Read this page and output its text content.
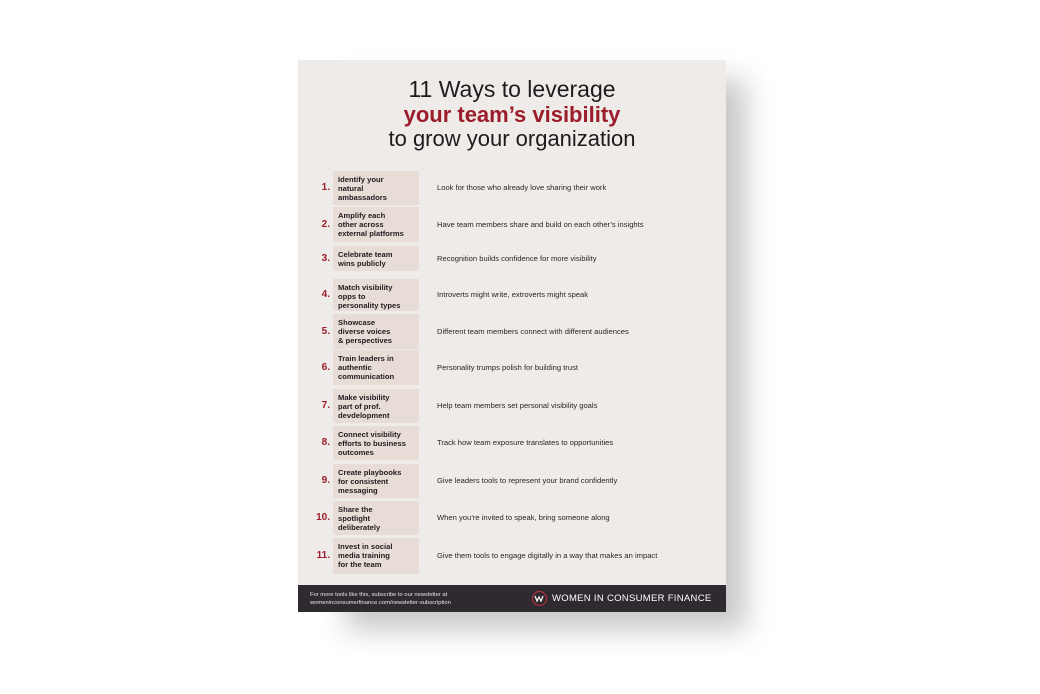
11 Ways to leverage
your team’s visibility
to grow your organization
1.
Identify your
natural
ambassadors
Look for those who already love sharing their work
2.
Amplify each
other across
external platforms
Have team members share and build on each other’s insights
3.	Celebrate team
wins publicly
Recognition builds confidence for more visibility
4.
Match visibility
opps to
personality types
Introverts might write, extroverts might speak
5.
Showcase
diverse voices
& perspectives
Different team members connect with different audiences
6.
Train leaders in
authentic
communication
Personality trumps polish for building trust
7.
Make visibility
part of prof.
devdelopment
Help team members set personal visibility goals
8.
Connect visibility
efforts to business
outcomes
Track how team exposure translates to opportunities
9.
Create playbooks
for consistent
messaging
Give leaders tools to represent your brand confidently
10.
Share the
spotlight
deliberately
When you’re invited to speak, bring someone along
11.
Invest in social
media training
for the team
Give them tools to engage digitally in a way that makes an impact
For more tools like this, subscribe to our newsletter at
womeninconsumerfinance.com/newsletter-subscription	WOMEN IN CONSUMER FINANCE
